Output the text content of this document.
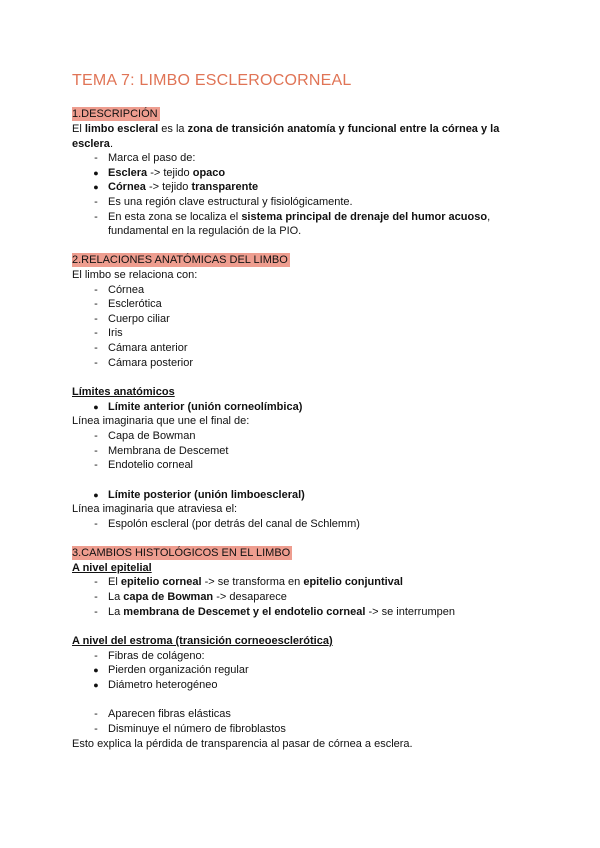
TEMA 7: LIMBO ESCLEROCORNEAL
1.DESCRIPCIÓN
El limbo escleral es la zona de transición anatomía y funcional entre la córnea y la
esclera.
- Marca el paso de:
● Esclera -> tejido opaco
● Córnea -> tejido transparente
- Es una región clave estructural y fisiológicamente.
- En esta zona se localiza el sistema principal de drenaje del humor acuoso,
fundamental en la regulación de la PIO.
2.RELACIONES ANATÓMICAS DEL LIMBO
El limbo se relaciona con:
- Córnea
- Esclerótica
- Cuerpo ciliar
- Iris
- Cámara anterior
- Cámara posterior
Límites anatómicos
● Límite anterior (unión corneolímbica)
Línea imaginaria que une el final de:
- Capa de Bowman
- Membrana de Descemet
- Endotelio corneal
● Límite posterior (unión limboescleral)
Línea imaginaria que atraviesa el:
- Espolón escleral (por detrás del canal de Schlemm)
3.CAMBIOS HISTOLÓGICOS EN EL LIMBO
A nivel epitelial
- El epitelio corneal -> se transforma en epitelio conjuntival
- La capa de Bowman -> desaparece
- La membrana de Descemet y el endotelio corneal -> se interrumpen
A nivel del estroma (transición corneoesclerótica)
- Fibras de colágeno:
● Pierden organización regular
● Diámetro heterogéneo
- Aparecen fibras elásticas
- Disminuye el número de fibroblastos
Esto explica la pérdida de transparencia al pasar de córnea a esclera.
